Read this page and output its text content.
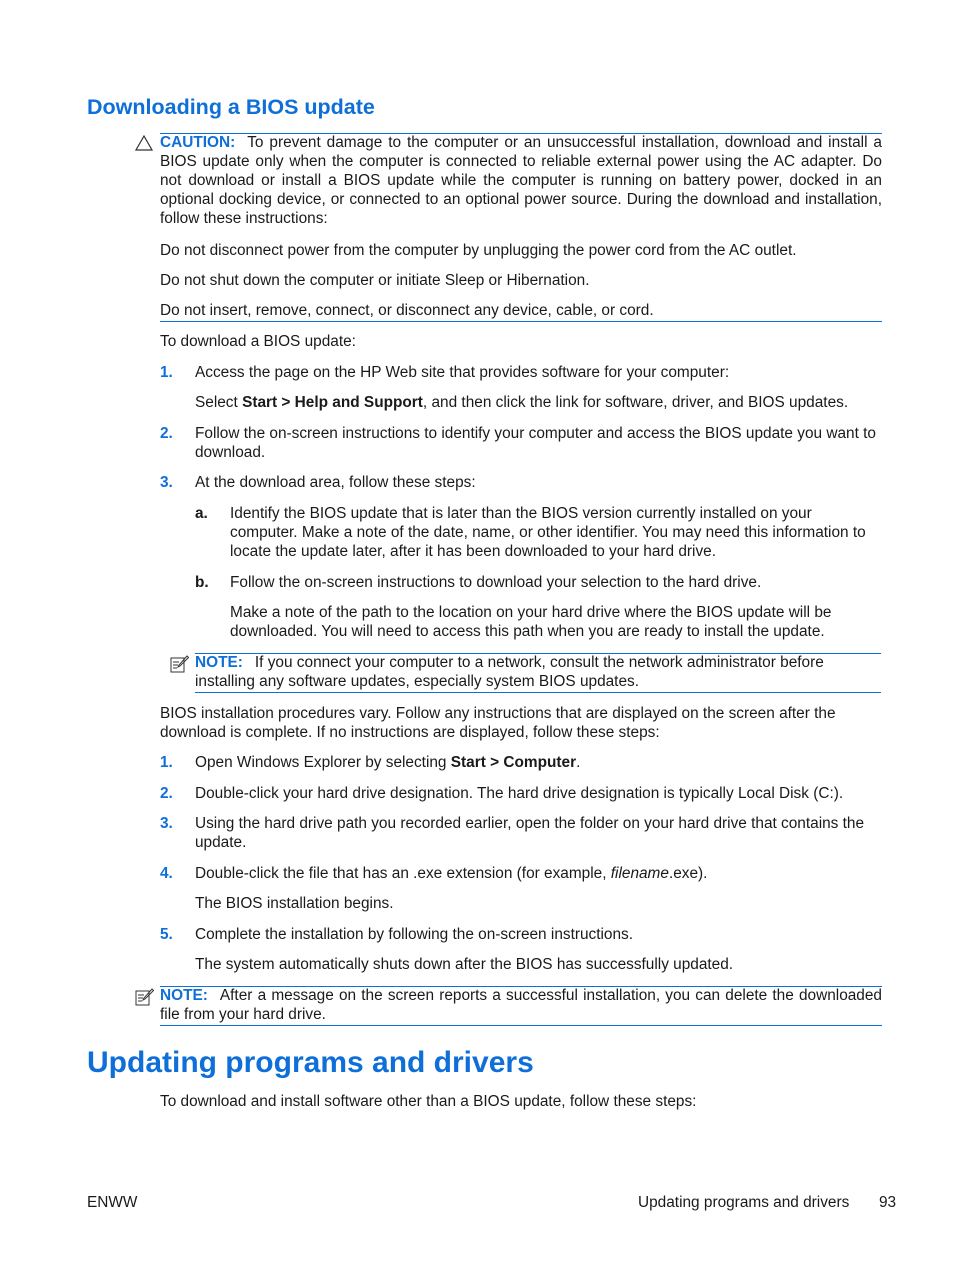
Downloading a BIOS update
CAUTION: To prevent damage to the computer or an unsuccessful installation, download and install a BIOS update only when the computer is connected to reliable external power using the AC adapter. Do not download or install a BIOS update while the computer is running on battery power, docked in an optional docking device, or connected to an optional power source. During the download and installation, follow these instructions:
Do not disconnect power from the computer by unplugging the power cord from the AC outlet.
Do not shut down the computer or initiate Sleep or Hibernation.
Do not insert, remove, connect, or disconnect any device, cable, or cord.
To download a BIOS update:
1. Access the page on the HP Web site that provides software for your computer:
Select Start > Help and Support, and then click the link for software, driver, and BIOS updates.
2. Follow the on-screen instructions to identify your computer and access the BIOS update you want to download.
3. At the download area, follow these steps:
a. Identify the BIOS update that is later than the BIOS version currently installed on your computer. Make a note of the date, name, or other identifier. You may need this information to locate the update later, after it has been downloaded to your hard drive.
b. Follow the on-screen instructions to download your selection to the hard drive.
Make a note of the path to the location on your hard drive where the BIOS update will be downloaded. You will need to access this path when you are ready to install the update.
NOTE: If you connect your computer to a network, consult the network administrator before installing any software updates, especially system BIOS updates.
BIOS installation procedures vary. Follow any instructions that are displayed on the screen after the download is complete. If no instructions are displayed, follow these steps:
1. Open Windows Explorer by selecting Start > Computer.
2. Double-click your hard drive designation. The hard drive designation is typically Local Disk (C:).
3. Using the hard drive path you recorded earlier, open the folder on your hard drive that contains the update.
4. Double-click the file that has an .exe extension (for example, filename.exe).
The BIOS installation begins.
5. Complete the installation by following the on-screen instructions.
The system automatically shuts down after the BIOS has successfully updated.
NOTE: After a message on the screen reports a successful installation, you can delete the downloaded file from your hard drive.
Updating programs and drivers
To download and install software other than a BIOS update, follow these steps:
ENWW	Updating programs and drivers 93
